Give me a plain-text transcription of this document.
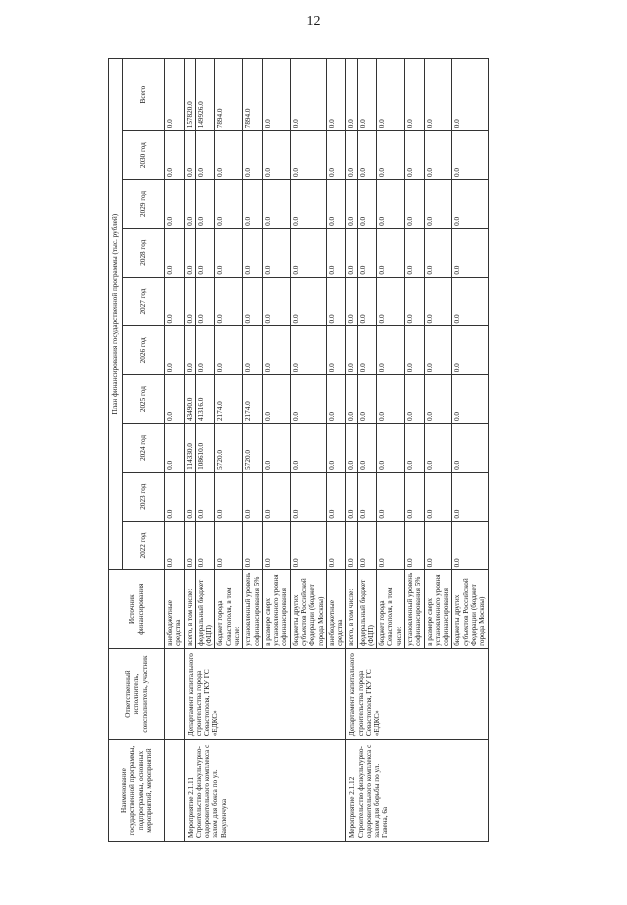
12
Наименование государственной программы, подпрограммы, основных мероприятий, мероприятий	Ответственный исполнитель, соисполнитель, участник	Источник финансирования	План финансирования государственной программы (тыс. рублей)									
			2022 год	2023 год	2024 год	2025 год	2026 год	2027 год	2028 год	2029 год	2030 год	Всего
		внебюджетные средства	0.0	0.0	0.0	0.0	0.0	0.0	0.0	0.0	0.0	0.0
Мероприятие 2.1.11 Строительство физкультурно-оздоровительного комплекса с залом для бокса по ул. Вакуленчука	Департамент капитального строительства города Севастополя, ГКУ ГС «ЕДКС»	всего, в том числе:	0.0	0.0	114330.0	43490.0	0.0	0.0	0.0	0.0	0.0	157820.0
		федеральный бюджет (ФЦП)	0.0	0.0	108610.0	41316.0	0.0	0.0	0.0	0.0	0.0	149926.0
		бюджет города Севастополя, в том числе:	0.0	0.0	5720.0	2174.0	0.0	0.0	0.0	0.0	0.0	7894.0
		установленный уровень софинансирования 5%	0.0	0.0	5720.0	2174.0	0.0	0.0	0.0	0.0	0.0	7894.0
		в размере сверх установленного уровня софинансирования	0.0	0.0	0.0	0.0	0.0	0.0	0.0	0.0	0.0	0.0
		бюджеты других субъектов Российской Федерации (бюджет города Москвы)	0.0	0.0	0.0	0.0	0.0	0.0	0.0	0.0	0.0	0.0
		внебюджетные средства	0.0	0.0	0.0	0.0	0.0	0.0	0.0	0.0	0.0	0.0
Мероприятие 2.1.12 Строительство физкультурно-оздоровительного комплекса с залом для борьбы по ул. Гавена, 6а	Департамент капитального строительства города Севастополя, ГКУ ГС «ЕДКС»	всего, в том числе:	0.0	0.0	0.0	0.0	0.0	0.0	0.0	0.0	0.0	0.0
		федеральный бюджет (ФЦП)	0.0	0.0	0.0	0.0	0.0	0.0	0.0	0.0	0.0	0.0
		бюджет города Севастополя, в том числе:	0.0	0.0	0.0	0.0	0.0	0.0	0.0	0.0	0.0	0.0
		установленный уровень софинансирования 5%	0.0	0.0	0.0	0.0	0.0	0.0	0.0	0.0	0.0	0.0
		в размере сверх установленного уровня софинансирования	0.0	0.0	0.0	0.0	0.0	0.0	0.0	0.0	0.0	0.0
		бюджеты других субъектов Российской Федерации (бюджет города Москвы)	0.0	0.0	0.0	0.0	0.0	0.0	0.0	0.0	0.0	0.0
